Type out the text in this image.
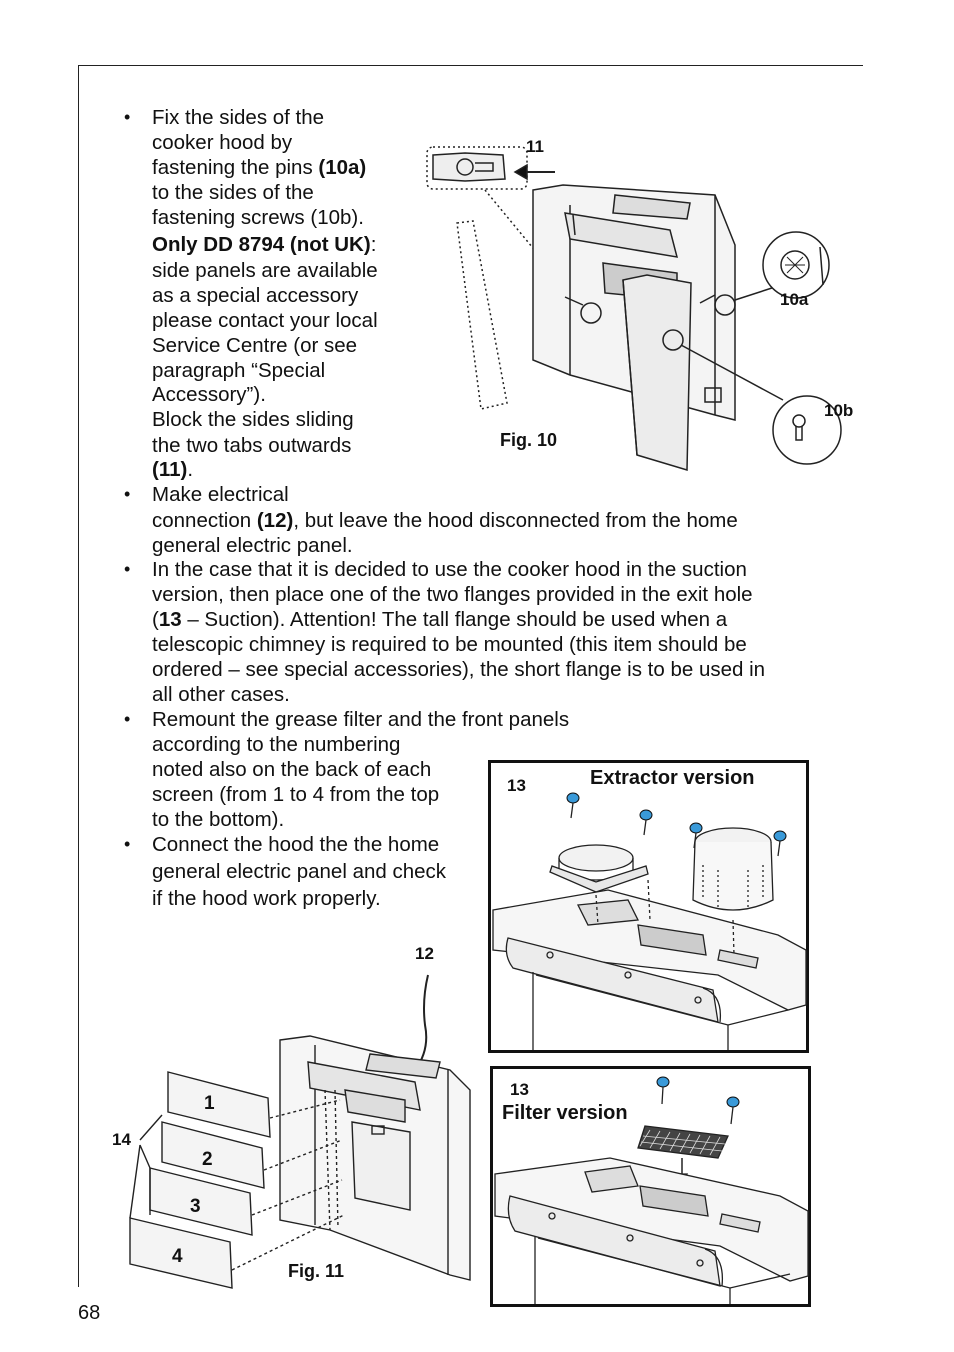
• Fix the sides of the
cooker hood by
fastening the pins (10a)
to the sides of the
fastening screws (10b).
Only DD 8794 (not UK):
side panels are available
as a special accessory
please contact your local
Service Centre (or see
paragraph “Special
Accessory”).
Block the sides sliding
the two tabs outwards
(11).
• Make electrical
connection (12), but leave the hood disconnected from the home
general electric panel.
• In the case that it is decided to use the cooker hood in the suction
version, then place one of the two flanges provided in the exit hole
(13 – Suction). Attention! The tall flange should be used when a
telescopic chimney is required to be mounted (this item should be
ordered – see special accessories), the short flange is to be used in
all other cases.
• Remount the grease filter and the front panels
according to the numbering
noted also on the back of each
screen (from 1 to 4 from the top
to the bottom).
• Connect the hood the the home
general electric panel and check
if the hood work properly.
11
10a
10b
Fig. 10
13	Extractor version
13
Filter version
12
14
1
2
3
4
Fig. 11
68
